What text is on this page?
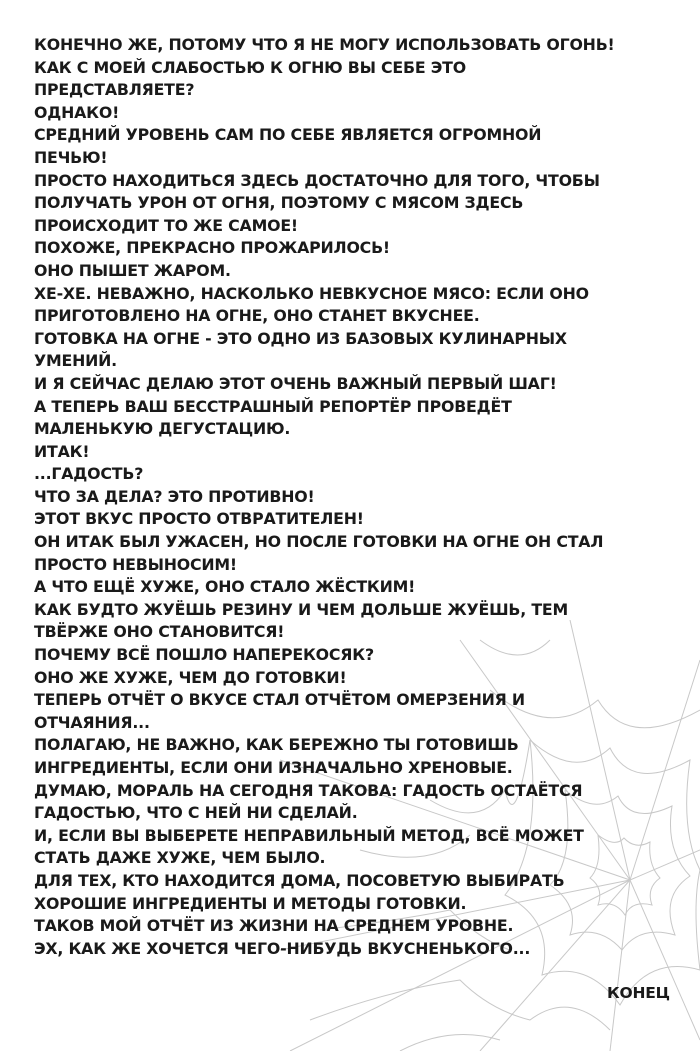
КОНЕЧНО ЖЕ, ПОТОМУ ЧТО Я НЕ МОГУ ИСПОЛЬЗОВАТЬ ОГОНЬ!
КАК С МОЕЙ СЛАБОСТЬЮ К ОГНЮ ВЫ СЕБЕ ЭТО
ПРЕДСТАВЛЯЕТЕ?
ОДНАКО!
СРЕДНИЙ УРОВЕНЬ САМ ПО СЕБЕ ЯВЛЯЕТСЯ ОГРОМНОЙ
ПЕЧЬЮ!
ПРОСТО НАХОДИТЬСЯ ЗДЕСЬ ДОСТАТОЧНО ДЛЯ ТОГО, ЧТОБЫ
ПОЛУЧАТЬ УРОН ОТ ОГНЯ, ПОЭТОМУ С МЯСОМ ЗДЕСЬ
ПРОИСХОДИТ ТО ЖЕ САМОЕ!
ПОХОЖЕ, ПРЕКРАСНО ПРОЖАРИЛОСЬ!
ОНО ПЫШЕТ ЖАРОМ.
ХЕ-ХЕ. НЕВАЖНО, НАСКОЛЬКО НЕВКУСНОЕ МЯСО: ЕСЛИ ОНО
ПРИГОТОВЛЕНО НА ОГНЕ, ОНО СТАНЕТ ВКУСНЕЕ.
ГОТОВКА НА ОГНЕ - ЭТО ОДНО ИЗ БАЗОВЫХ КУЛИНАРНЫХ
УМЕНИЙ.
И Я СЕЙЧАС ДЕЛАЮ ЭТОТ ОЧЕНЬ ВАЖНЫЙ ПЕРВЫЙ ШАГ!
А ТЕПЕРЬ ВАШ БЕССТРАШНЫЙ РЕПОРТЁР ПРОВЕДЁТ
МАЛЕНЬКУЮ ДЕГУСТАЦИЮ.
ИТАК!
...ГАДОСТЬ?
ЧТО ЗА ДЕЛА? ЭТО ПРОТИВНО!
ЭТОТ ВКУС ПРОСТО ОТВРАТИТЕЛЕН!
ОН ИТАК БЫЛ УЖАСЕН, НО ПОСЛЕ ГОТОВКИ НА ОГНЕ ОН СТАЛ
ПРОСТО НЕВЫНОСИМ!
А ЧТО ЕЩЁ ХУЖЕ, ОНО СТАЛО ЖЁСТКИМ!
КАК БУДТО ЖУЁШЬ РЕЗИНУ И ЧЕМ ДОЛЬШЕ ЖУЁШЬ, ТЕМ
ТВЁРЖЕ ОНО СТАНОВИТСЯ!
ПОЧЕМУ ВСЁ ПОШЛО НАПЕРЕКОСЯК?
ОНО ЖЕ ХУЖЕ, ЧЕМ ДО ГОТОВКИ!
ТЕПЕРЬ ОТЧЁТ О ВКУСЕ СТАЛ ОТЧЁТОМ ОМЕРЗЕНИЯ И
ОТЧАЯНИЯ...
ПОЛАГАЮ, НЕ ВАЖНО, КАК БЕРЕЖНО ТЫ ГОТОВИШЬ
ИНГРЕДИЕНТЫ, ЕСЛИ ОНИ ИЗНАЧАЛЬНО ХРЕНОВЫЕ.
ДУМАЮ, МОРАЛЬ НА СЕГОДНЯ ТАКОВА: ГАДОСТЬ ОСТАЁТСЯ
ГАДОСТЬЮ, ЧТО С НЕЙ НИ СДЕЛАЙ.
И, ЕСЛИ ВЫ ВЫБЕРЕТЕ НЕПРАВИЛЬНЫЙ МЕТОД, ВСЁ МОЖЕТ
СТАТЬ ДАЖЕ ХУЖЕ, ЧЕМ БЫЛО.
ДЛЯ ТЕХ, КТО НАХОДИТСЯ ДОМА, ПОСОВЕТУЮ ВЫБИРАТЬ
ХОРОШИЕ ИНГРЕДИЕНТЫ И МЕТОДЫ ГОТОВКИ.
ТАКОВ МОЙ ОТЧЁТ ИЗ ЖИЗНИ НА СРЕДНЕМ УРОВНЕ.
ЭХ, КАК ЖЕ ХОЧЕТСЯ ЧЕГО-НИБУДЬ ВКУСНЕНЬКОГО...
КОНЕЦ
